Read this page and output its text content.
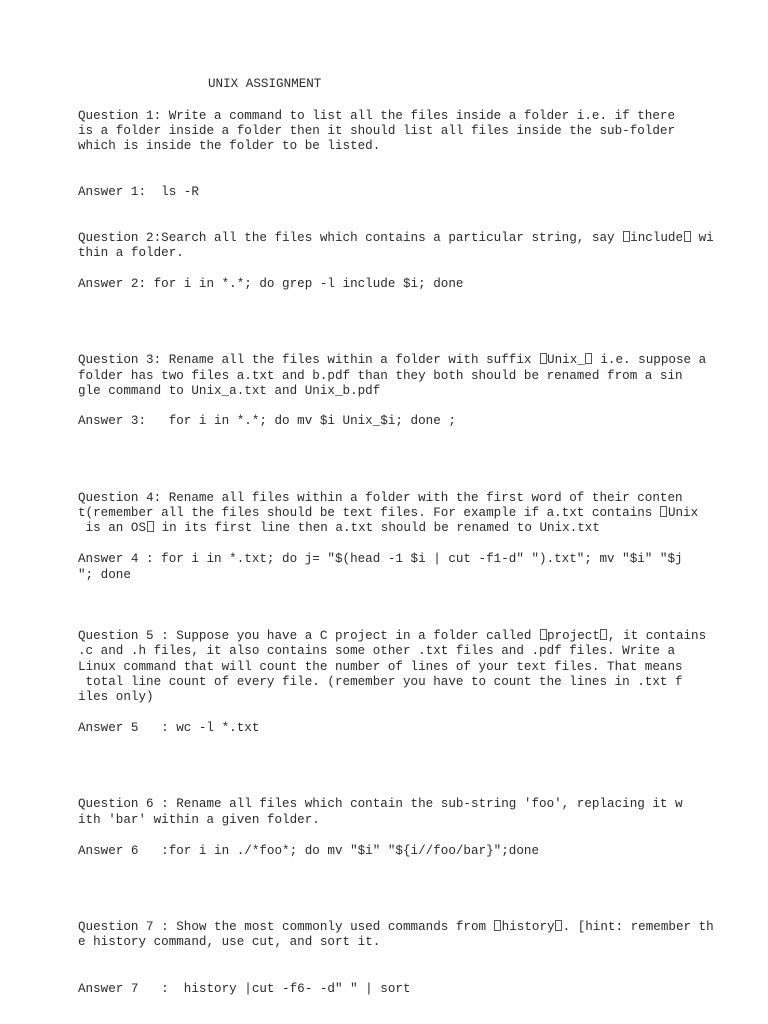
UNIX ASSIGNMENT
Question 1: Write a command to list all the files inside a folder i.e. if there
is a folder inside a folder then it should list all files inside the sub-folder
which is inside the folder to be listed.
Answer 1:  ls -R
Question 2:Search all the files which contains a particular string, say include wi
thin a folder.
Answer 2: for i in *.*; do grep -l include $i; done
Question 3: Rename all the files within a folder with suffix Unix_ i.e. suppose a
folder has two files a.txt and b.pdf than they both should be renamed from a sin
gle command to Unix_a.txt and Unix_b.pdf
Answer 3:   for i in *.*; do mv $i Unix_$i; done ;
Question 4: Rename all files within a folder with the first word of their conten
t(remember all the files should be text files. For example if a.txt contains Unix
is an OS in its first line then a.txt should be renamed to Unix.txt
Answer 4 : for i in *.txt; do j= "$(head -1 $i | cut -f1-d" ").txt"; mv "$i" "$j
"; done
Question 5 : Suppose you have a C project in a folder called project , it contains
.c and .h files, it also contains some other .txt files and .pdf files. Write a
Linux command that will count the number of lines of your text files. That means
total line count of every file. (remember you have to count the lines in .txt f
iles only)
Answer 5   : wc -l *.txt
Question 6 : Rename all files which contain the sub-string 'foo', replacing it w
ith 'bar' within a given folder.
Answer 6   :for i in ./*foo*; do mv "$i" "${i//foo/bar}";done
Question 7 : Show the most commonly used commands from history . [hint: remember th
e history command, use cut, and sort it.
Answer 7   :  history |cut -f6- -d" " | sort
